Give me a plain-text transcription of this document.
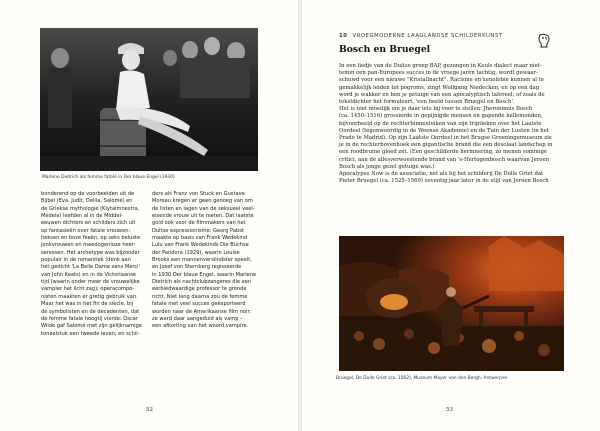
Marlene Dietrich als femme fatale in Der blaue Engel (1930)
bonderend op de voorbeelden uit de
Bijbel (Eva, Judit, Delila, Salomé) en
de Griekse mythologie (Klytaimnestra,
Medeia) leefden al in de Middel-
eeuwen dichters en schilders zich uit
op fantasieën over fatale vrouwen:
heksen en boze feeën, op seks beluste
jonkvrouwen en meedogenloze heer-
seressen. Het archetype was bijzonder
populair in de romantiek (denk aan
het gedicht 'La Belle Dame sans Merci'
van John Keats) en in de Victoriaanse
tijd (waarin onder meer de vrouwelijke
vampier het licht zag); operacompo-
nisten maakten er gretig gebruik van.
Maar het was in het fin de siècle, bij
de symbolisten en de decadenten, dat
de femme fatale hoogtij vierde: Oscar
Wilde gaf Salomé met zijn gelijknamige
toneelstuk een tweede leven, en schil-
ders als Franz von Stuck en Gustave
Moreau kregen er geen genoeg van om
de listen en lagen van de seksueel veel-
eisende vrouw uit te meten. Dat laatste
gold ook voor de filmmakers van het
Duitse expressionisme: Georg Pabst
maakte op basis van Frank Wedekind
Lulu van Frank Wedekinds Die Büchse
der Pandora (1929), waarin Louise
Brooks een mannenverslindster speelt,
en Josef von Sternberg regisseerde
in 1930 Der blaue Engel, waarin Marlene
Dietrich als nachtclubzangeres die een
eerbiedwaardige professor te gronde
richt. Niet lang daarna zou de femme
fatale met veel succes geëxporteerd
worden naar de Amerikaanse film noir;
ze werd daar aangeduid als vamp –
een afkorting van het woord vampire.
52
10 VROEGMODERNE LAAGLANDSE SCHILDERKUNST
Bosch en Bruegel
In een liedje van de Duitse groep BAP, gezongen in Keuls dialect maar niet-
temin een pan-Europees succes in de vroege jaren tachtig, wordt gewaar-
schuwd voor een nieuwe "Kristallnacht". Racisme en xenofobie kunnen al te
gemakkelijk leiden tot pogroms, zingt Wolfgang Niedecken, en op een dag
word je wakker en ben je getuige van een apocalyptisch tafereel; of zoals de
tekstdichter het formuleert, 'een beeld tussen Bruegel en Bosch'.
Het is niet moeilijk om je daar iets bij voor te stellen: Jheronimus Bosch
(ca. 1450–1516) grossierde in gepijnigde mensen en gapende hellemonden,
bijvoorbeeld op de rechterbinnenluiken van zijn triptieken over het Laatste
Oordeel (tegenwoordig in de Weense Akademie) en de Tuin der Lusten (in het
Prado te Madrid). Op zijn Laatste Oordeel in het Brugse Groeningemuseum zie
je in de rechterbovenhoek een gigantische brand die een desolaat landschap in
een roodbruine gloed zet. (Een geschilderde herinnering, zo menen sommige
critici, aan de allesverwoestende brand van 's-Hertogenbosch waarvan Jeroen
Bosch als jonge gezel getuige was.)
Apocalypse Now is de associatie, net als bij het schilderij De Dolle Griet dat
Pieter Bruegel (ca. 1525–1569) zeventig jaar later in de stijl van Jeroen Bosch
Bruegel, De Dulle Griet (ca. 1562), Museum Mayer van den Bergh, Antwerpen
53
